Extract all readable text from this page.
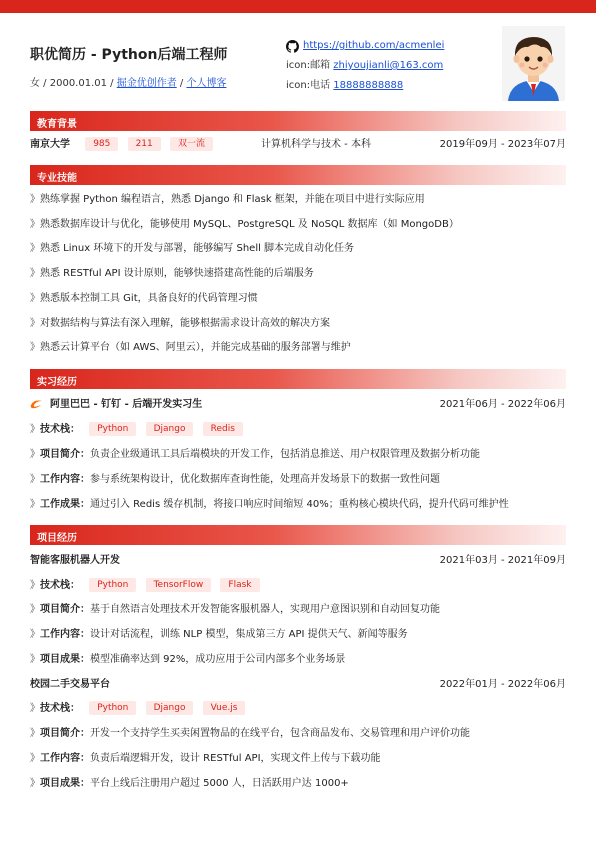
职优简历 - Python后端工程师
女 / 2000.01.01 / 掘金优创作者 / 个人博客
https://github.com/acmenlei
icon:邮箱
zhiyoujianli@163.com
icon:电话
18888888888
教育背景
南京大学	985	211	双一流	计算机科学与技术 - 本科	2019年09月 - 2023年07月
专业技能
》熟练掌握 Python 编程语言，熟悉 Django 和 Flask 框架，并能在项目中进行实际应用
》熟悉数据库设计与优化，能够使用 MySQL、PostgreSQL 及 NoSQL 数据库（如 MongoDB）
》熟悉 Linux 环境下的开发与部署，能够编写 Shell 脚本完成自动化任务
》熟悉 RESTful API 设计原则，能够快速搭建高性能的后端服务
》熟悉版本控制工具 Git，具备良好的代码管理习惯
》对数据结构与算法有深入理解，能够根据需求设计高效的解决方案
》熟悉云计算平台（如 AWS、阿里云），并能完成基础的服务部署与维护
实习经历
阿里巴巴 - 钉钉 - 后端开发实习生	2021年06月 - 2022年06月
》技术栈： Python	Django	Redis
》项目简介：负责企业级通讯工具后端模块的开发工作，包括消息推送、用户权限管理及数据分析功能
》工作内容：参与系统架构设计，优化数据库查询性能，处理高并发场景下的数据一致性问题
》工作成果：通过引入 Redis 缓存机制，将接口响应时间缩短 40%；重构核心模块代码，提升代码可维护性
项目经历
智能客服机器人开发	2021年03月 - 2021年09月
》技术栈： Python	TensorFlow	Flask
》项目简介：基于自然语言处理技术开发智能客服机器人，实现用户意图识别和自动回复功能
》工作内容：设计对话流程，训练 NLP 模型，集成第三方 API 提供天气、新闻等服务
》项目成果：模型准确率达到 92%，成功应用于公司内部多个业务场景
校园二手交易平台	2022年01月 - 2022年06月
》技术栈： Python	Django	Vue.js
》项目简介：开发一个支持学生买卖闲置物品的在线平台，包含商品发布、交易管理和用户评价功能
》工作内容：负责后端逻辑开发，设计 RESTful API，实现文件上传与下载功能
》项目成果：平台上线后注册用户超过 5000 人，日活跃用户达 1000+
